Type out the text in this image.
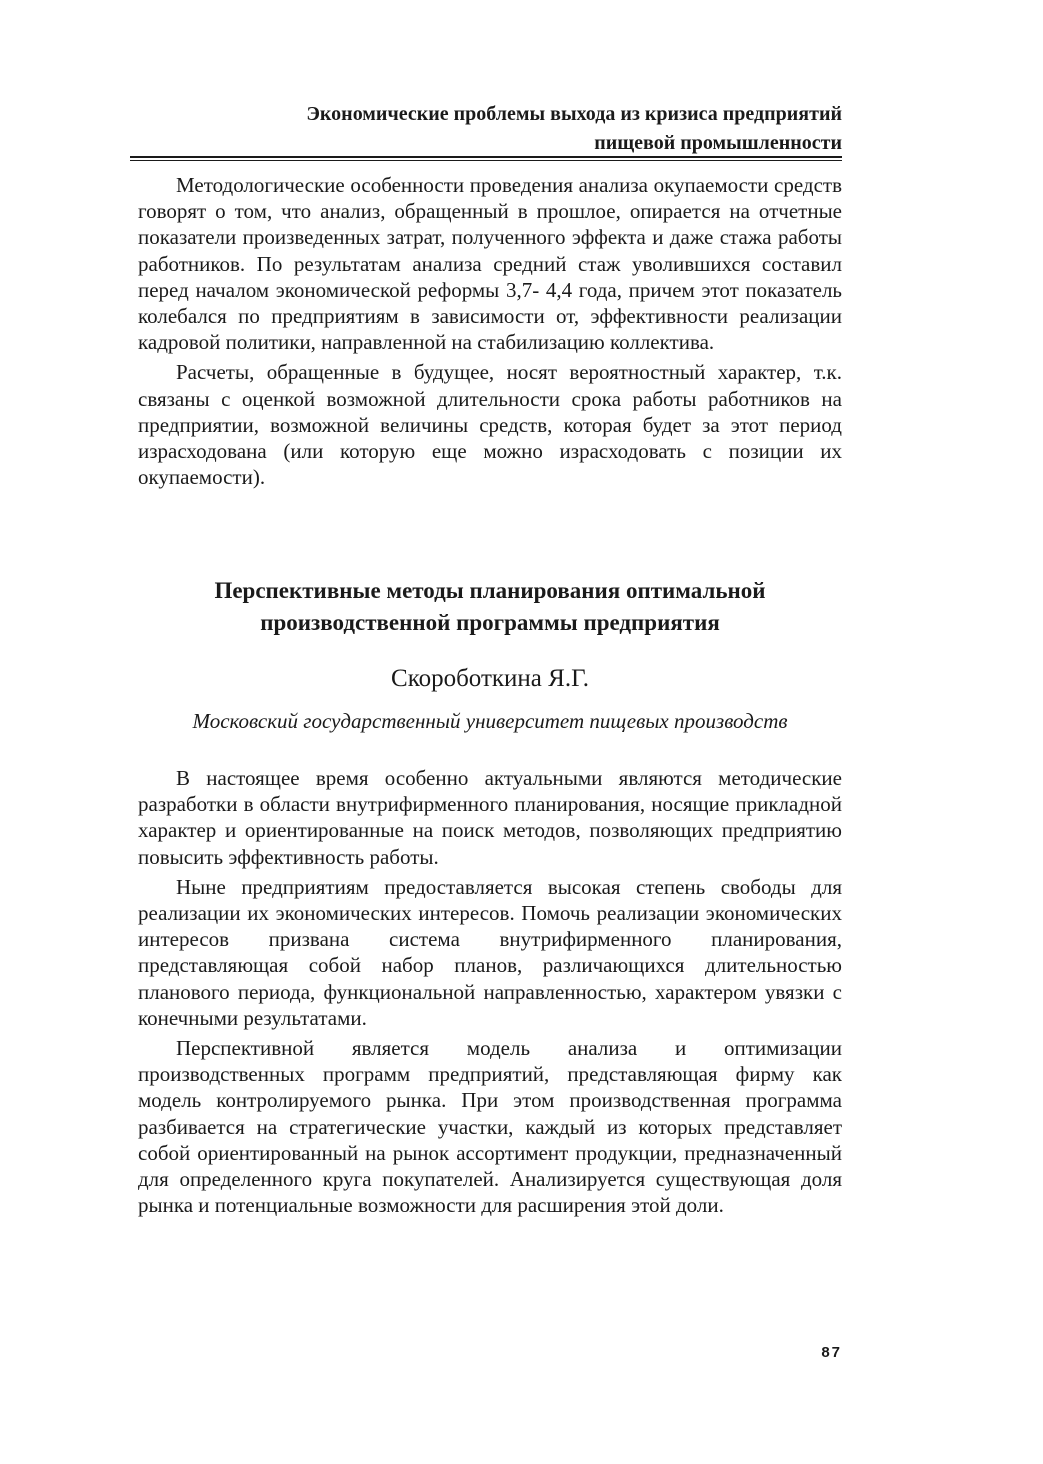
Экономические проблемы выхода из кризиса предприятий
пищевой промышленности

Методологические особенности проведения анализа окупаемости средств говорят о том, что анализ, обращенный в прошлое, опирается на отчетные показатели произведенных затрат, полученного эффекта и даже стажа работы работников. По результатам анализа средний стаж уволившихся составил перед началом экономической реформы 3,7- 4,4 года, причем этот показатель колебался по предприятиям в зависимости от, эффективности реализации кадровой политики, направленной на стабилизацию коллектива.

Расчеты, обращенные в будущее, носят вероятностный характер, т.к. связаны с оценкой возможной длительности срока работы работников на предприятии, возможной величины средств, которая будет за этот период израсходована (или которую еще можно израсходовать с позиции их окупаемости).

Перспективные методы планирования оптимальной
производственной программы предприятия

Скороботкина Я.Г.

Московский государственный университет пищевых производств

В настоящее время особенно актуальными являются методические разработки в области внутрифирменного планирования, носящие прикладной характер и ориентированные на поиск методов, позволяющих предприятию повысить эффективность работы.

Ныне предприятиям предоставляется высокая степень свободы для реализации их экономических интересов. Помочь реализации экономических интересов призвана система внутрифирменного планирования, представляющая собой набор планов, различающихся длительностью планового периода, функциональной направленностью, характером увязки с конечными результатами.

Перспективной является модель анализа и оптимизации производственных программ предприятий, представляющая фирму как модель контролируемого рынка. При этом производственная программа разбивается на стратегические участки, каждый из которых представляет собой ориентированный на рынок ассортимент продукции, предназначенный для определенного круга покупателей. Анализируется существующая доля рынка и потенциальные возможности для расширения этой доли.

87
